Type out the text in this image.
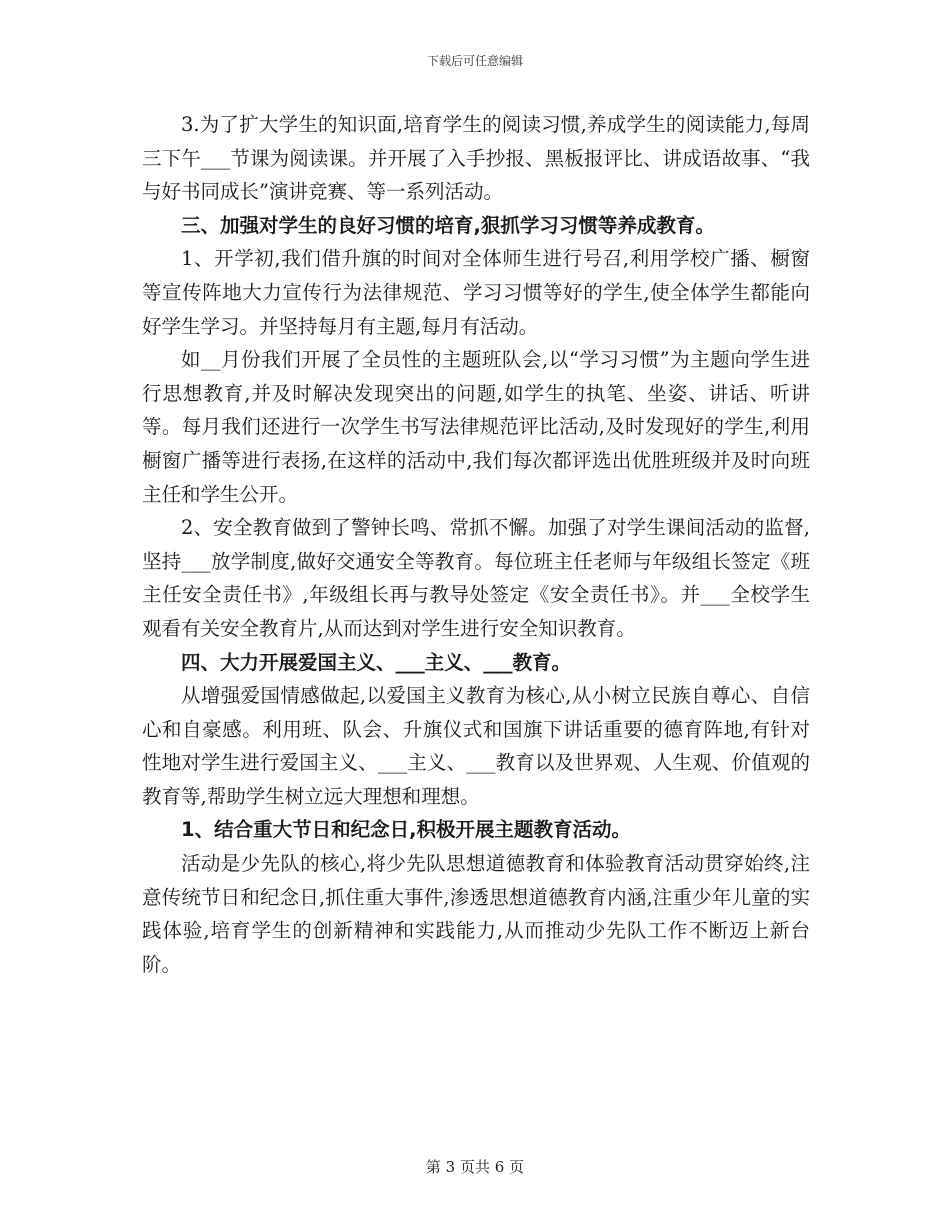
下载后可任意编辑

3.为了扩大学生的知识面,培育学生的阅读习惯,养成学生的阅读能力,每周三下午___节课为阅读课。并开展了入手抄报、黑板报评比、讲成语故事、“我与好书同成长”演讲竞赛、等一系列活动。

三、加强对学生的良好习惯的培育,狠抓学习习惯等养成教育。

1、开学初,我们借升旗的时间对全体师生进行号召,利用学校广播、橱窗等宣传阵地大力宣传行为法律规范、学习习惯等好的学生,使全体学生都能向好学生学习。并坚持每月有主题,每月有活动。

如__月份我们开展了全员性的主题班队会,以“学习习惯”为主题向学生进行思想教育,并及时解决发现突出的问题,如学生的执笔、坐姿、讲话、听讲等。每月我们还进行一次学生书写法律规范评比活动,及时发现好的学生,利用橱窗广播等进行表扬,在这样的活动中,我们每次都评选出优胜班级并及时向班主任和学生公开。

2、安全教育做到了警钟长鸣、常抓不懈。加强了对学生课间活动的监督,坚持___放学制度,做好交通安全等教育。每位班主任老师与年级组长签定《班主任安全责任书》,年级组长再与教导处签定《安全责任书》。并___全校学生观看有关安全教育片,从而达到对学生进行安全知识教育。

四、大力开展爱国主义、___主义、___教育。

从增强爱国情感做起,以爱国主义教育为核心,从小树立民族自尊心、自信心和自豪感。利用班、队会、升旗仪式和国旗下讲话重要的德育阵地,有针对性地对学生进行爱国主义、___主义、___教育以及世界观、人生观、价值观的教育等,帮助学生树立远大理想和理想。

1、结合重大节日和纪念日,积极开展主题教育活动。

活动是少先队的核心,将少先队思想道德教育和体验教育活动贯穿始终,注意传统节日和纪念日,抓住重大事件,渗透思想道德教育内涵,注重少年儿童的实践体验,培育学生的创新精神和实践能力,从而推动少先队工作不断迈上新台阶。

第 3 页共 6 页
